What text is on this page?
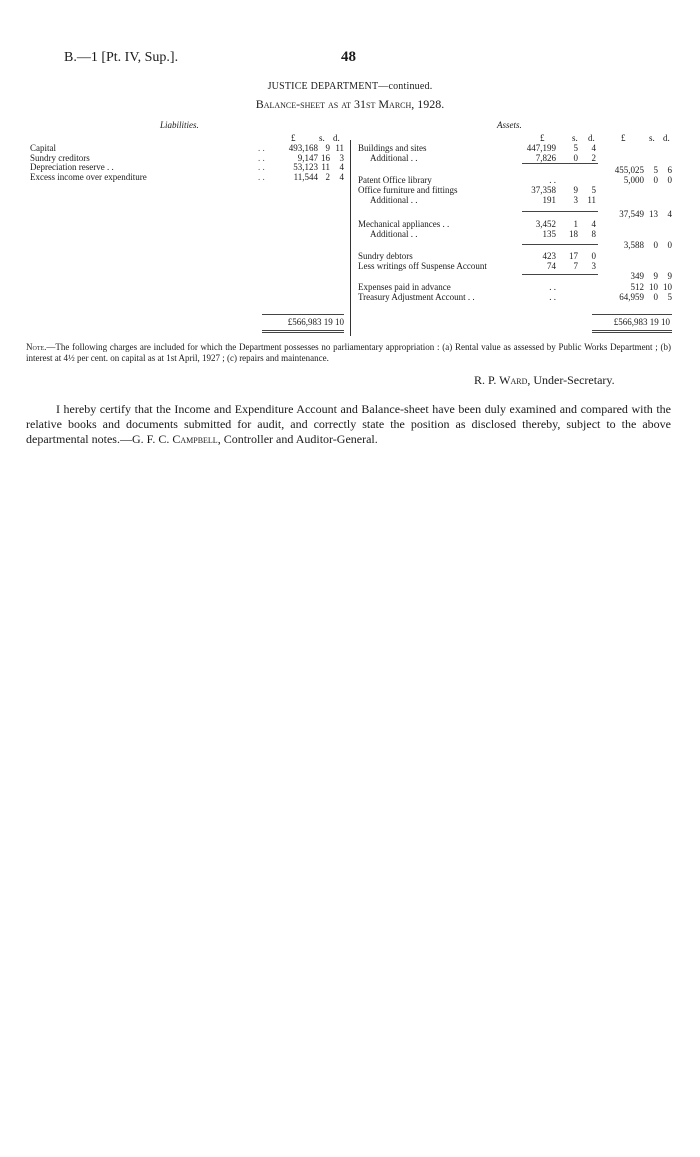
B.—1 [Pt. IV, Sup.].	48
JUSTICE DEPARTMENT—continued.
Balance-sheet as at 31st March, 1928.
Liabilities.
£	s. d.
Capital	. .	493,168 9 11
Sundry creditors	. .	9,147 16	3
Depreciation reserve . .	. .	53,123 11	4
Excess income over expenditure	. .	11,544 2	4
£566,983 19 10
Assets.
£	s. d.	£	s. d.
Buildings and sites	447,199	5	4
Additional . .	7,826	0	2
455,025	5	6
Patent Office library	. .	5,000	0	0
Office furniture and fittings	37,358	9	5
Additional . .	191	3	11
37,549 13	4
Mechanical appliances . .	3,452	1	4
Additional . .	135	18	8
3,588	0	0
Sundry debtors	423	17	0
Less writings off Suspense Account	74	7	3
349	9	9
Expenses paid in advance	. .	512 10 10
Treasury Adjustment Account . .	. .	64,959	0	5
£566,983 19 10
Note.—The following charges are included for which the Department possesses no parliamentary appropriation : (a) Rental value as assessed by Public Works Department ; (b) interest at 4½ per cent. on capital as at 1st April, 1927 ; (c) repairs and maintenance.
R. P. Ward, Under-Secretary.
I hereby certify that the Income and Expenditure Account and Balance-sheet have been duly examined and compared with the relative books and documents submitted for audit, and correctly state the position as disclosed thereby, subject to the above departmental notes.—G. F. C. Campbell, Controller and Auditor-General.
